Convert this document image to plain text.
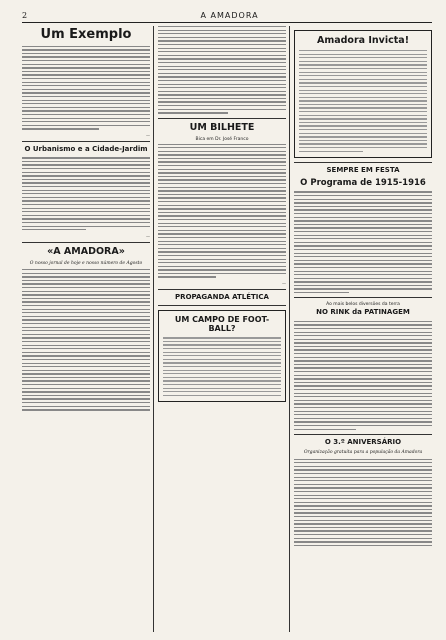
2	A AMADORA
Um Exemplo
—
O Urbanismo e a Cidade-Jardim
—
«A AMADORA»
O nosso jornal de hoje e nosso número de Agosto
UM BILHETE
Bica em Dr. José Franco
—
PROPAGANDA ATLÉTICA
UM CAMPO DE FOOT-BALL?
Amadora Invicta!
SEMPRE EM FESTA
O Programa de 1915-1916
Ao mais belos diversões da terra
NO RINK da PATINAGEM
O 3.º ANIVERSÁRIO
Organização gratuita para a população da Amadora
